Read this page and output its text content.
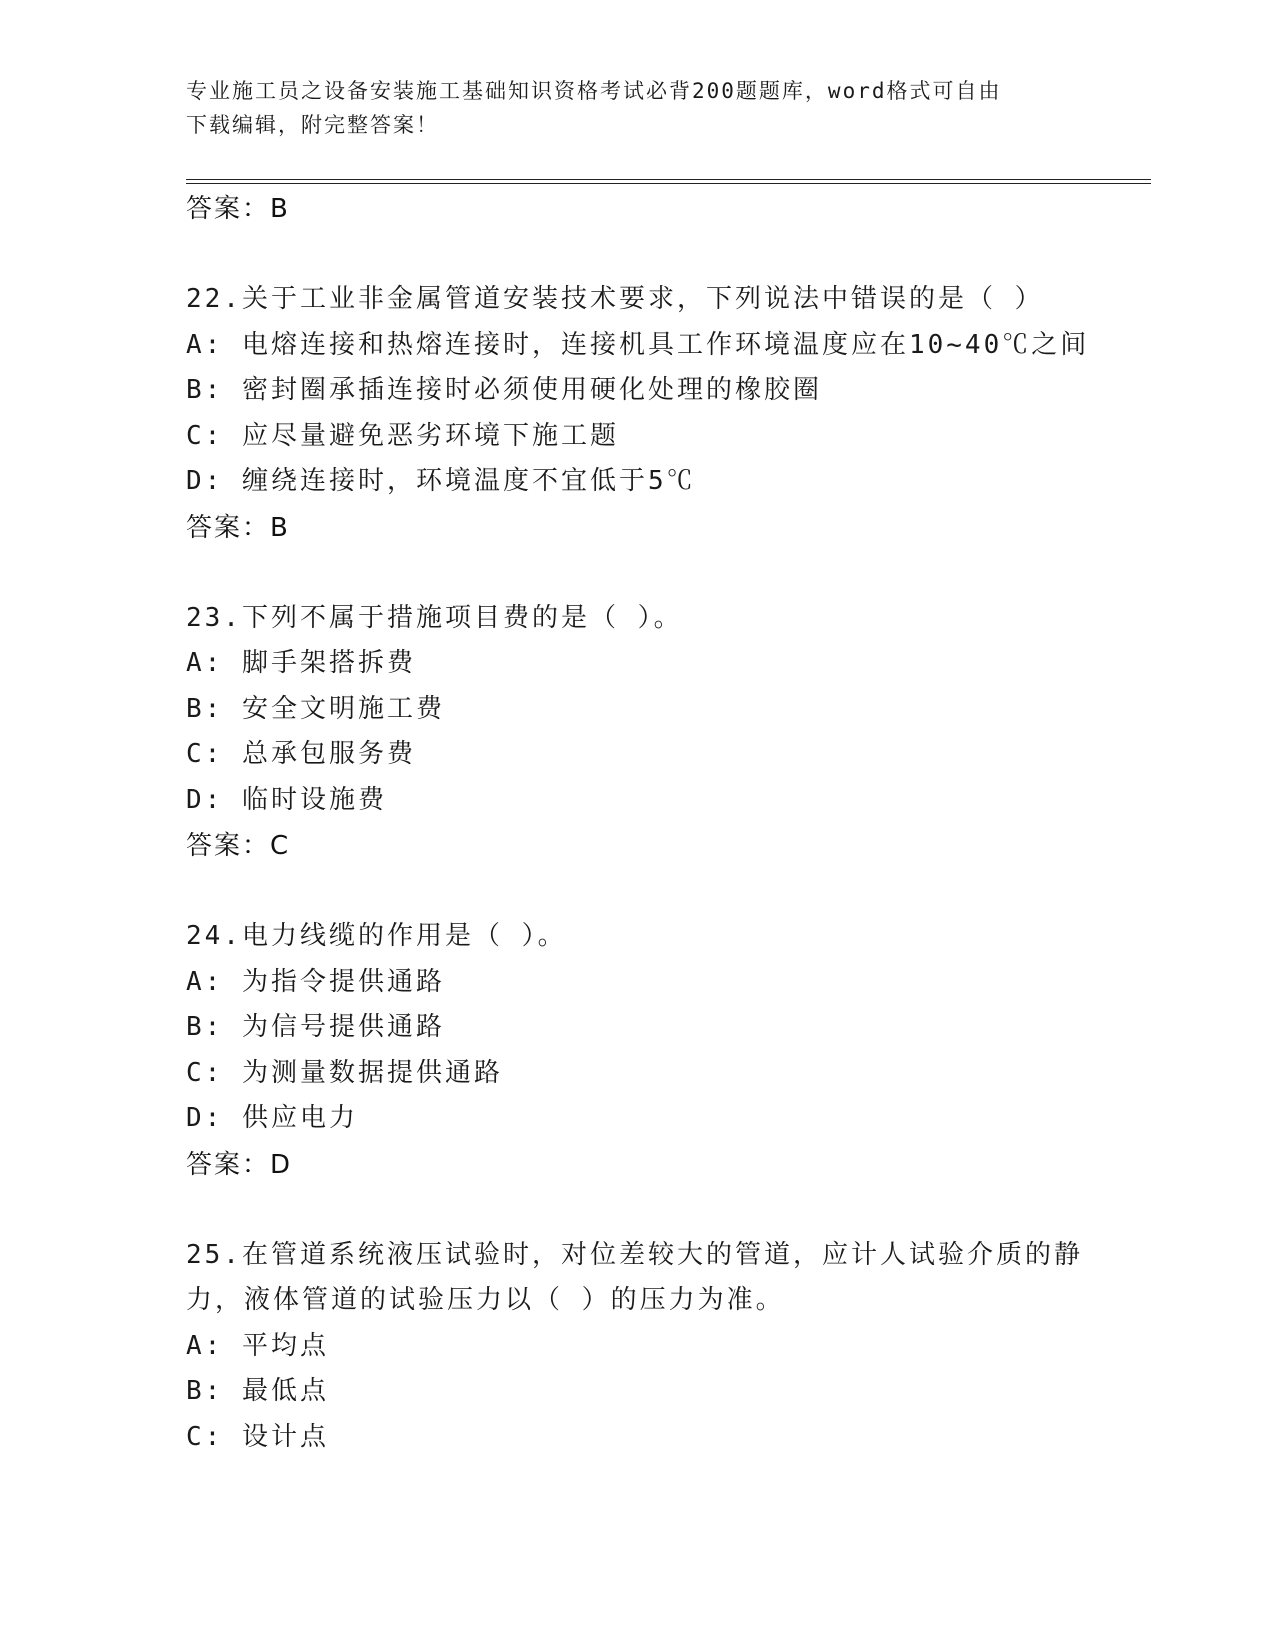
专业施工员之设备安装施工基础知识资格考试必背200题题库，word格式可自由
下载编辑，附完整答案！
答案：B
22.关于工业非金属管道安装技术要求，下列说法中错误的是（ ）
A: 电熔连接和热熔连接时，连接机具工作环境温度应在10~40℃之间
B: 密封圈承插连接时必须使用硬化处理的橡胶圈
C: 应尽量避免恶劣环境下施工题
D: 缠绕连接时，环境温度不宜低于5℃
答案：B
23.下列不属于措施项目费的是（ ）。
A: 脚手架搭拆费
B: 安全文明施工费
C: 总承包服务费
D: 临时设施费
答案：C
24.电力线缆的作用是（ ）。
A: 为指令提供通路
B: 为信号提供通路
C: 为测量数据提供通路
D: 供应电力
答案：D
25.在管道系统液压试验时，对位差较大的管道，应计人试验介质的静
力，液体管道的试验压力以（ ）的压力为准。
A: 平均点
B: 最低点
C: 设计点
